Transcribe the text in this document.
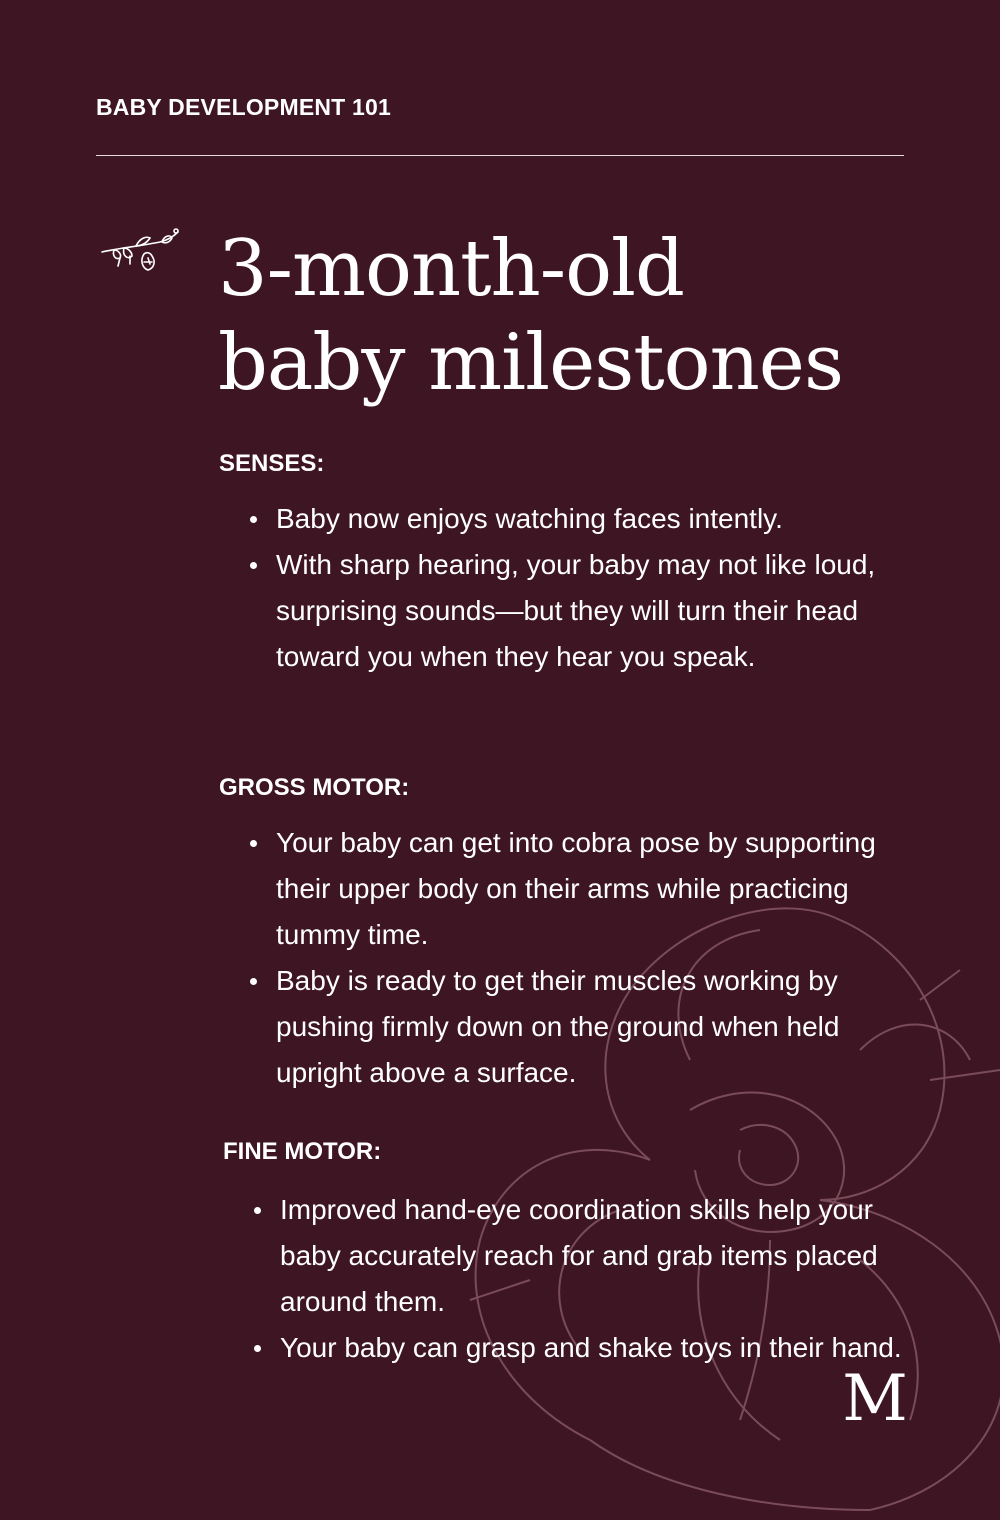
BABY DEVELOPMENT 101

3-month-old
baby milestones
SENSES:
Baby now enjoys watching faces intently.
With sharp hearing, your baby may not like loud, surprising sounds—but they will turn their head toward you when they hear you speak.
GROSS MOTOR:
Your baby can get into cobra pose by supporting their upper body on their arms while practicing tummy time.
Baby is ready to get their muscles working by pushing firmly down on the ground when held upright above a surface.
FINE MOTOR:
Improved hand-eye coordination skills help your baby accurately reach for and grab items placed around them.
Your baby can grasp and shake toys in their hand.
M
